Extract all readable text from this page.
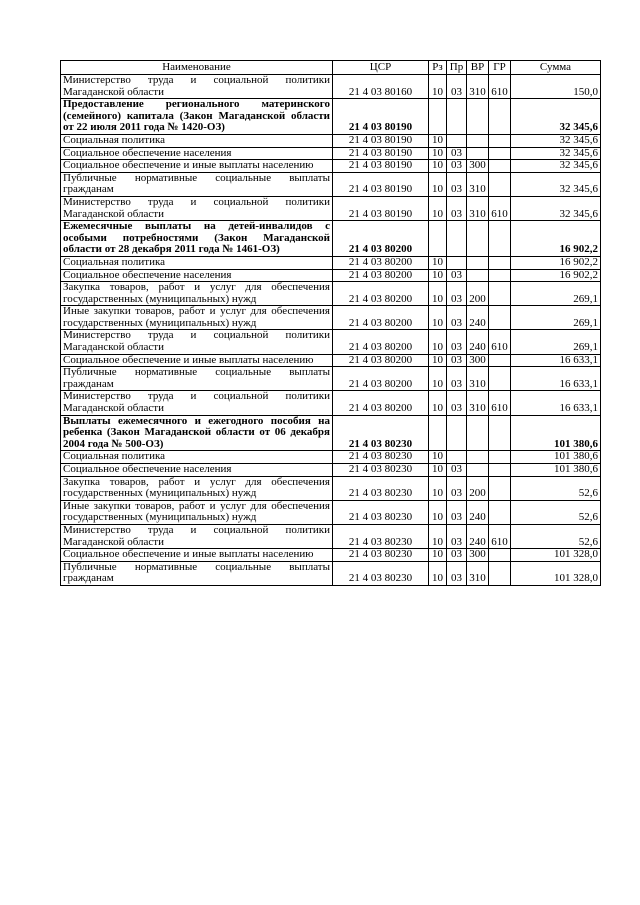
Наименование	ЦСР	Рз	Пр	ВР	ГР	Сумма
Министерство труда и социальной политики Магаданской области	21 4 03 80160	10	03	310	610	150,0
Предоставление регионального материнского (семейного) капитала (Закон Магаданской области от 22 июля 2011 года № 1420-ОЗ)	21 4 03 80190					32 345,6
Социальная политика	21 4 03 80190	10				32 345,6
Социальное обеспечение населения	21 4 03 80190	10	03			32 345,6
Социальное обеспечение и иные выплаты населению	21 4 03 80190	10	03	300		32 345,6
Публичные нормативные социальные выплаты гражданам	21 4 03 80190	10	03	310		32 345,6
Министерство труда и социальной политики Магаданской области	21 4 03 80190	10	03	310	610	32 345,6
Ежемесячные выплаты на детей-инвалидов с особыми потребностями (Закон Магаданской области от 28 декабря 2011 года № 1461-ОЗ)	21 4 03 80200					16 902,2
Социальная политика	21 4 03 80200	10				16 902,2
Социальное обеспечение населения	21 4 03 80200	10	03			16 902,2
Закупка товаров, работ и услуг для обеспечения государственных (муниципальных) нужд	21 4 03 80200	10	03	200		269,1
Иные закупки товаров, работ и услуг для обеспечения государственных (муниципальных) нужд	21 4 03 80200	10	03	240		269,1
Министерство труда и социальной политики Магаданской области	21 4 03 80200	10	03	240	610	269,1
Социальное обеспечение и иные выплаты населению	21 4 03 80200	10	03	300		16 633,1
Публичные нормативные социальные выплаты гражданам	21 4 03 80200	10	03	310		16 633,1
Министерство труда и социальной политики Магаданской области	21 4 03 80200	10	03	310	610	16 633,1
Выплаты ежемесячного и ежегодного пособия на ребенка (Закон Магаданской области от 06 декабря 2004 года № 500-ОЗ)	21 4 03 80230					101 380,6
Социальная политика	21 4 03 80230	10				101 380,6
Социальное обеспечение населения	21 4 03 80230	10	03			101 380,6
Закупка товаров, работ и услуг для обеспечения государственных (муниципальных) нужд	21 4 03 80230	10	03	200		52,6
Иные закупки товаров, работ и услуг для обеспечения государственных (муниципальных) нужд	21 4 03 80230	10	03	240		52,6
Министерство труда и социальной политики Магаданской области	21 4 03 80230	10	03	240	610	52,6
Социальное обеспечение и иные выплаты населению	21 4 03 80230	10	03	300		101 328,0
Публичные нормативные социальные выплаты гражданам	21 4 03 80230	10	03	310		101 328,0
